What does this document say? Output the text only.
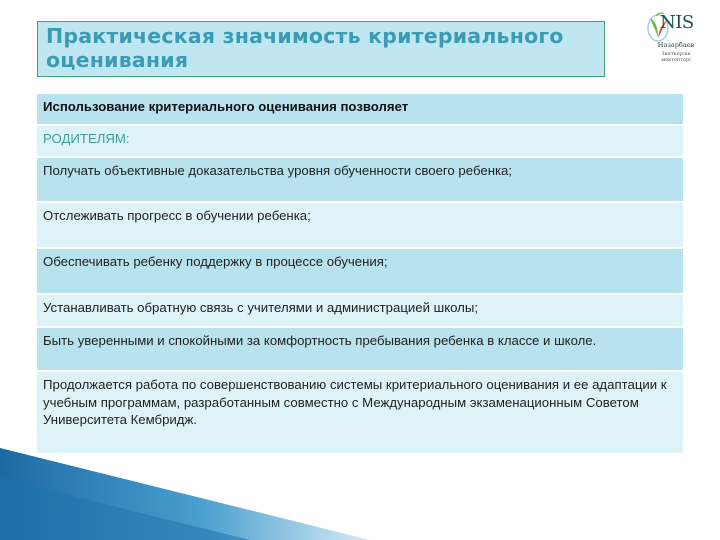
Практическая значимость критериального оценивания
NIS
Назарбаев
Зияткерлік мектептері
Использование критериального оценивания позволяет
РОДИТЕЛЯМ:
Получать объективные доказательства уровня обученности своего ребенка;
Отслеживать прогресс в обучении ребенка;
Обеспечивать ребенку поддержку в процессе обучения;
Устанавливать обратную связь с учителями и администрацией школы;
Быть уверенными и спокойными за комфортность пребывания ребенка в классе и школе.
Продолжается работа по совершенствованию системы критериального оценивания и ее адаптации к учебным программам, разработанным совместно с Международным экзаменационным Советом Университета Кембридж.
